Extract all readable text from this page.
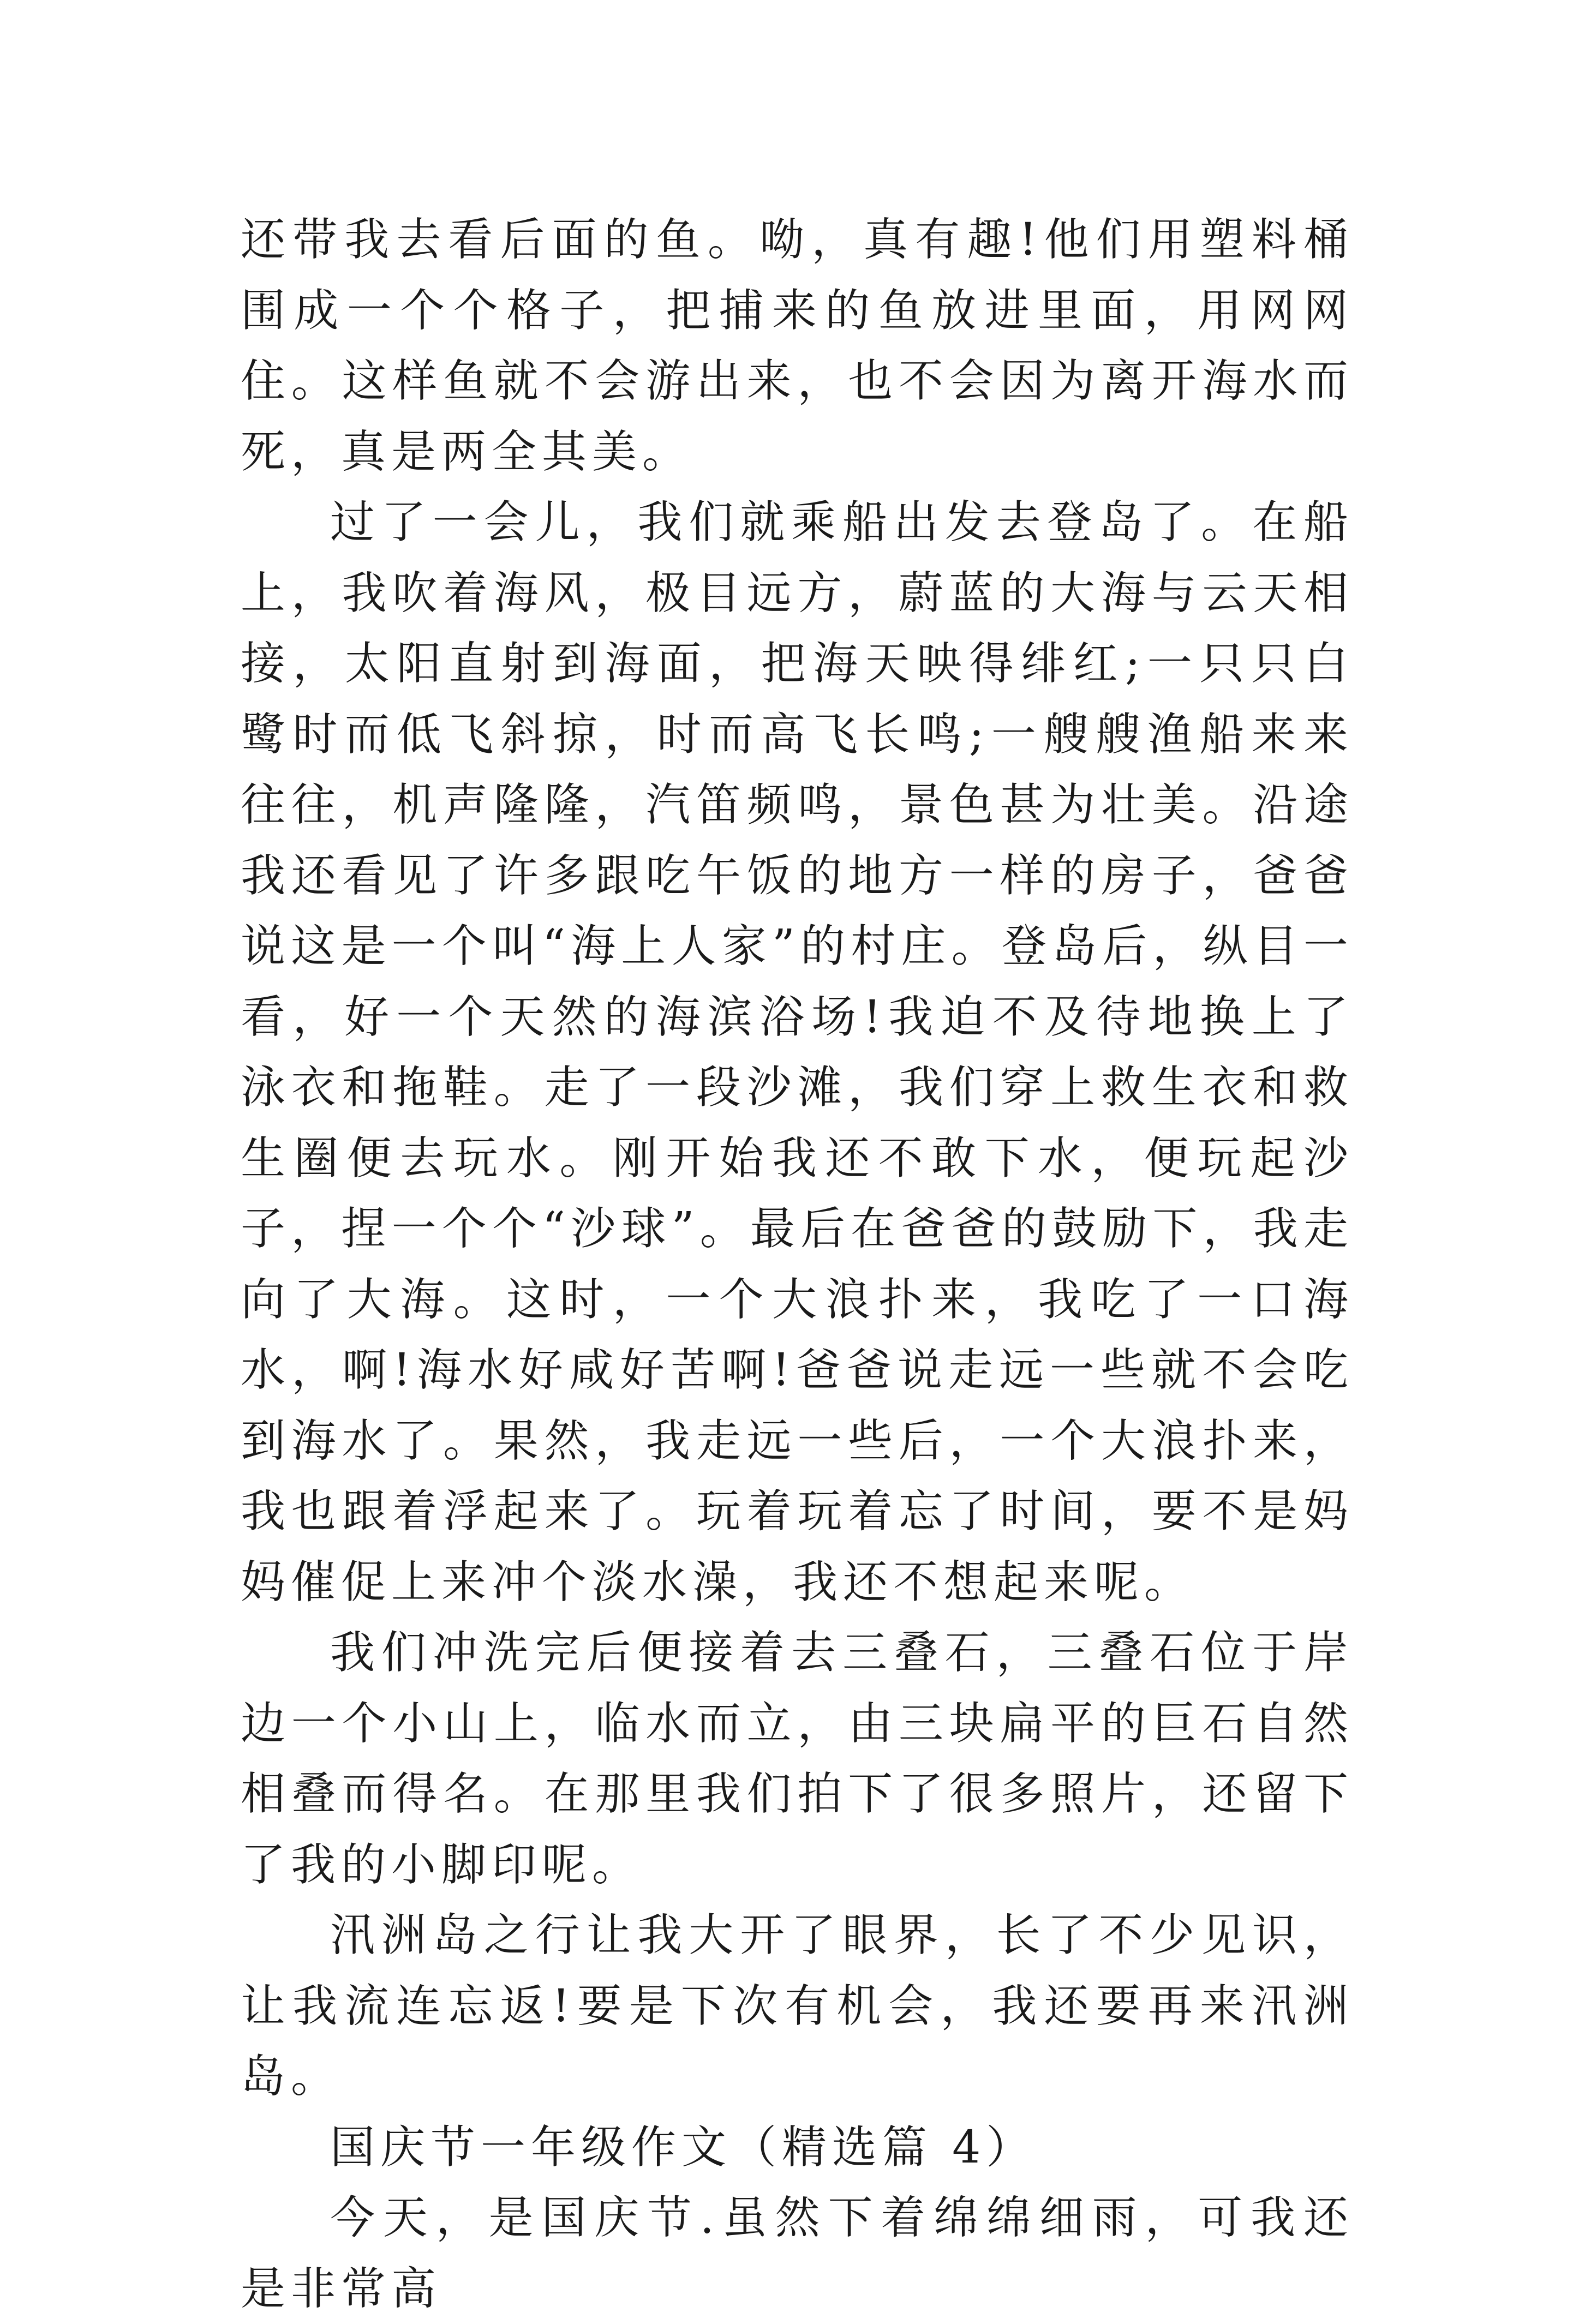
还带我去看后面的鱼。呦，真有趣!他们用塑料桶围成一个个格子，把捕来的鱼放进里面，用网网住。这样鱼就不会游出来，也不会因为离开海水而死，真是两全其美。

过了一会儿，我们就乘船出发去登岛了。在船上，我吹着海风，极目远方，蔚蓝的大海与云天相接，太阳直射到海面，把海天映得绯红;一只只白鹭时而低飞斜掠，时而高飞长鸣;一艘艘渔船来来往往，机声隆隆，汽笛频鸣，景色甚为壮美。沿途我还看见了许多跟吃午饭的地方一样的房子，爸爸说这是一个叫“海上人家”的村庄。登岛后，纵目一看，好一个天然的海滨浴场!我迫不及待地换上了泳衣和拖鞋。走了一段沙滩，我们穿上救生衣和救生圈便去玩水。刚开始我还不敢下水，便玩起沙子，捏一个个“沙球”。最后在爸爸的鼓励下，我走向了大海。这时，一个大浪扑来，我吃了一口海水，啊!海水好咸好苦啊!爸爸说走远一些就不会吃到海水了。果然，我走远一些后，一个大浪扑来，我也跟着浮起来了。玩着玩着忘了时间，要不是妈妈催促上来冲个淡水澡，我还不想起来呢。

我们冲洗完后便接着去三叠石，三叠石位于岸边一个小山上，临水而立，由三块扁平的巨石自然相叠而得名。在那里我们拍下了很多照片，还留下了我的小脚印呢。

汛洲岛之行让我大开了眼界，长了不少见识，让我流连忘返!要是下次有机会，我还要再来汛洲岛。

国庆节一年级作文（精选篇 4）

今天，是国庆节.虽然下着绵绵细雨，可我还是非常高
